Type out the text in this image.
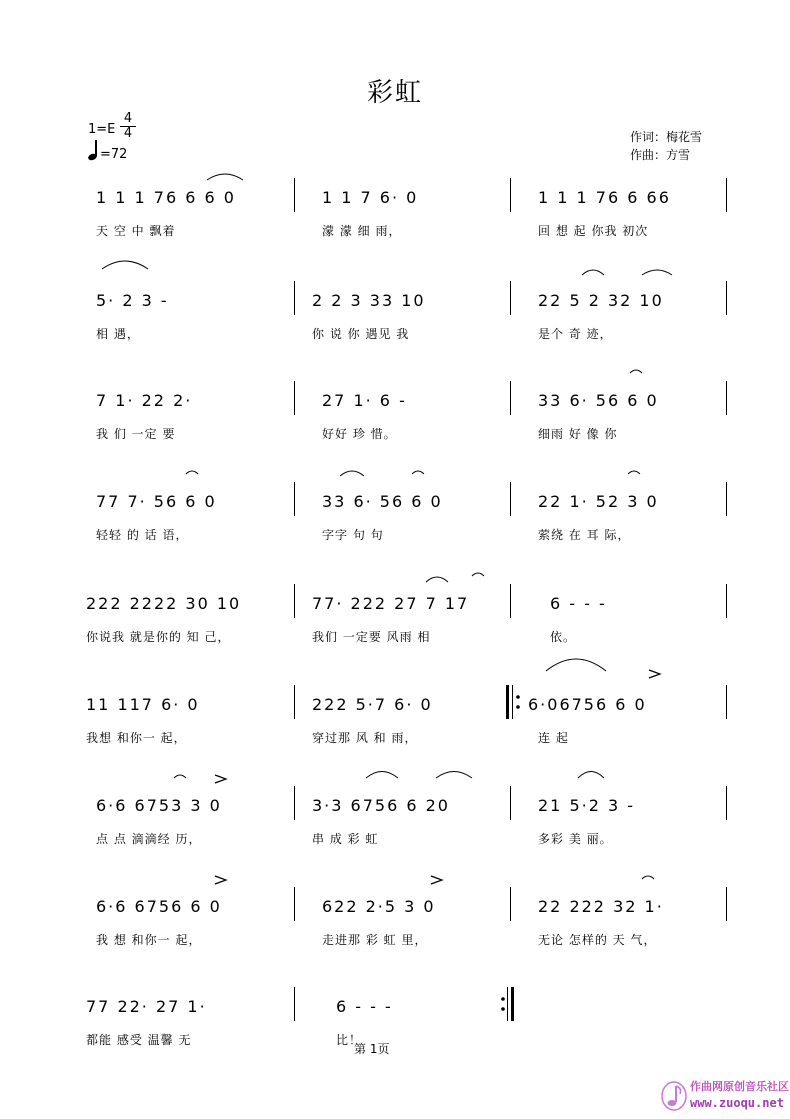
彩虹
1=E
4
4
=72
作词：梅花雪
作曲：方雪
1 1 1 76 6 6 0	1 1 7 6· 0	1 1 1 76 6 66
天 空 中 飘着	濛 濛 细 雨，	回 想 起 你我 初次
5· 2 3 -	2 2 3 33 10	22 5 2 32 10
相 遇，	你 说 你 遇见 我	是个 奇 迹，
7 1· 22 2·	27 1· 6 -	33 6· 56 6 0
我 们 一定 要	好好 珍 惜。	细雨 好 像 你
77 7· 56 6 0	33 6· 56 6 0	22 1· 52 3 0
轻轻 的 话 语，	字字 句 句	萦绕 在 耳 际，
222 2222 30 10	77· 222 27 7 17	6 - - -
你说我 就是你的 知 己，	我们 一定要 风雨 相	依。
11 117 6· 0	222 5·7 6· 0	6·06756 6 0
我想 和你一 起，	穿过那 风 和 雨，	连 起
6·6 6753 3 0	3·3 6756 6 20	21 5·2 3 -
点 点 滴滴经 历，	串 成 彩 虹	多彩 美 丽。
6·6 6756 6 0	622 2·5 3 0	22 222 32 1·
我 想 和你一 起，	走进那 彩 虹 里，	无论 怎样的 天 气，
77 22· 27 1·	6 - - -
都能 感受 温馨 无	比！
第 1页
作曲网原创音乐社区
www.zuoqu.net
